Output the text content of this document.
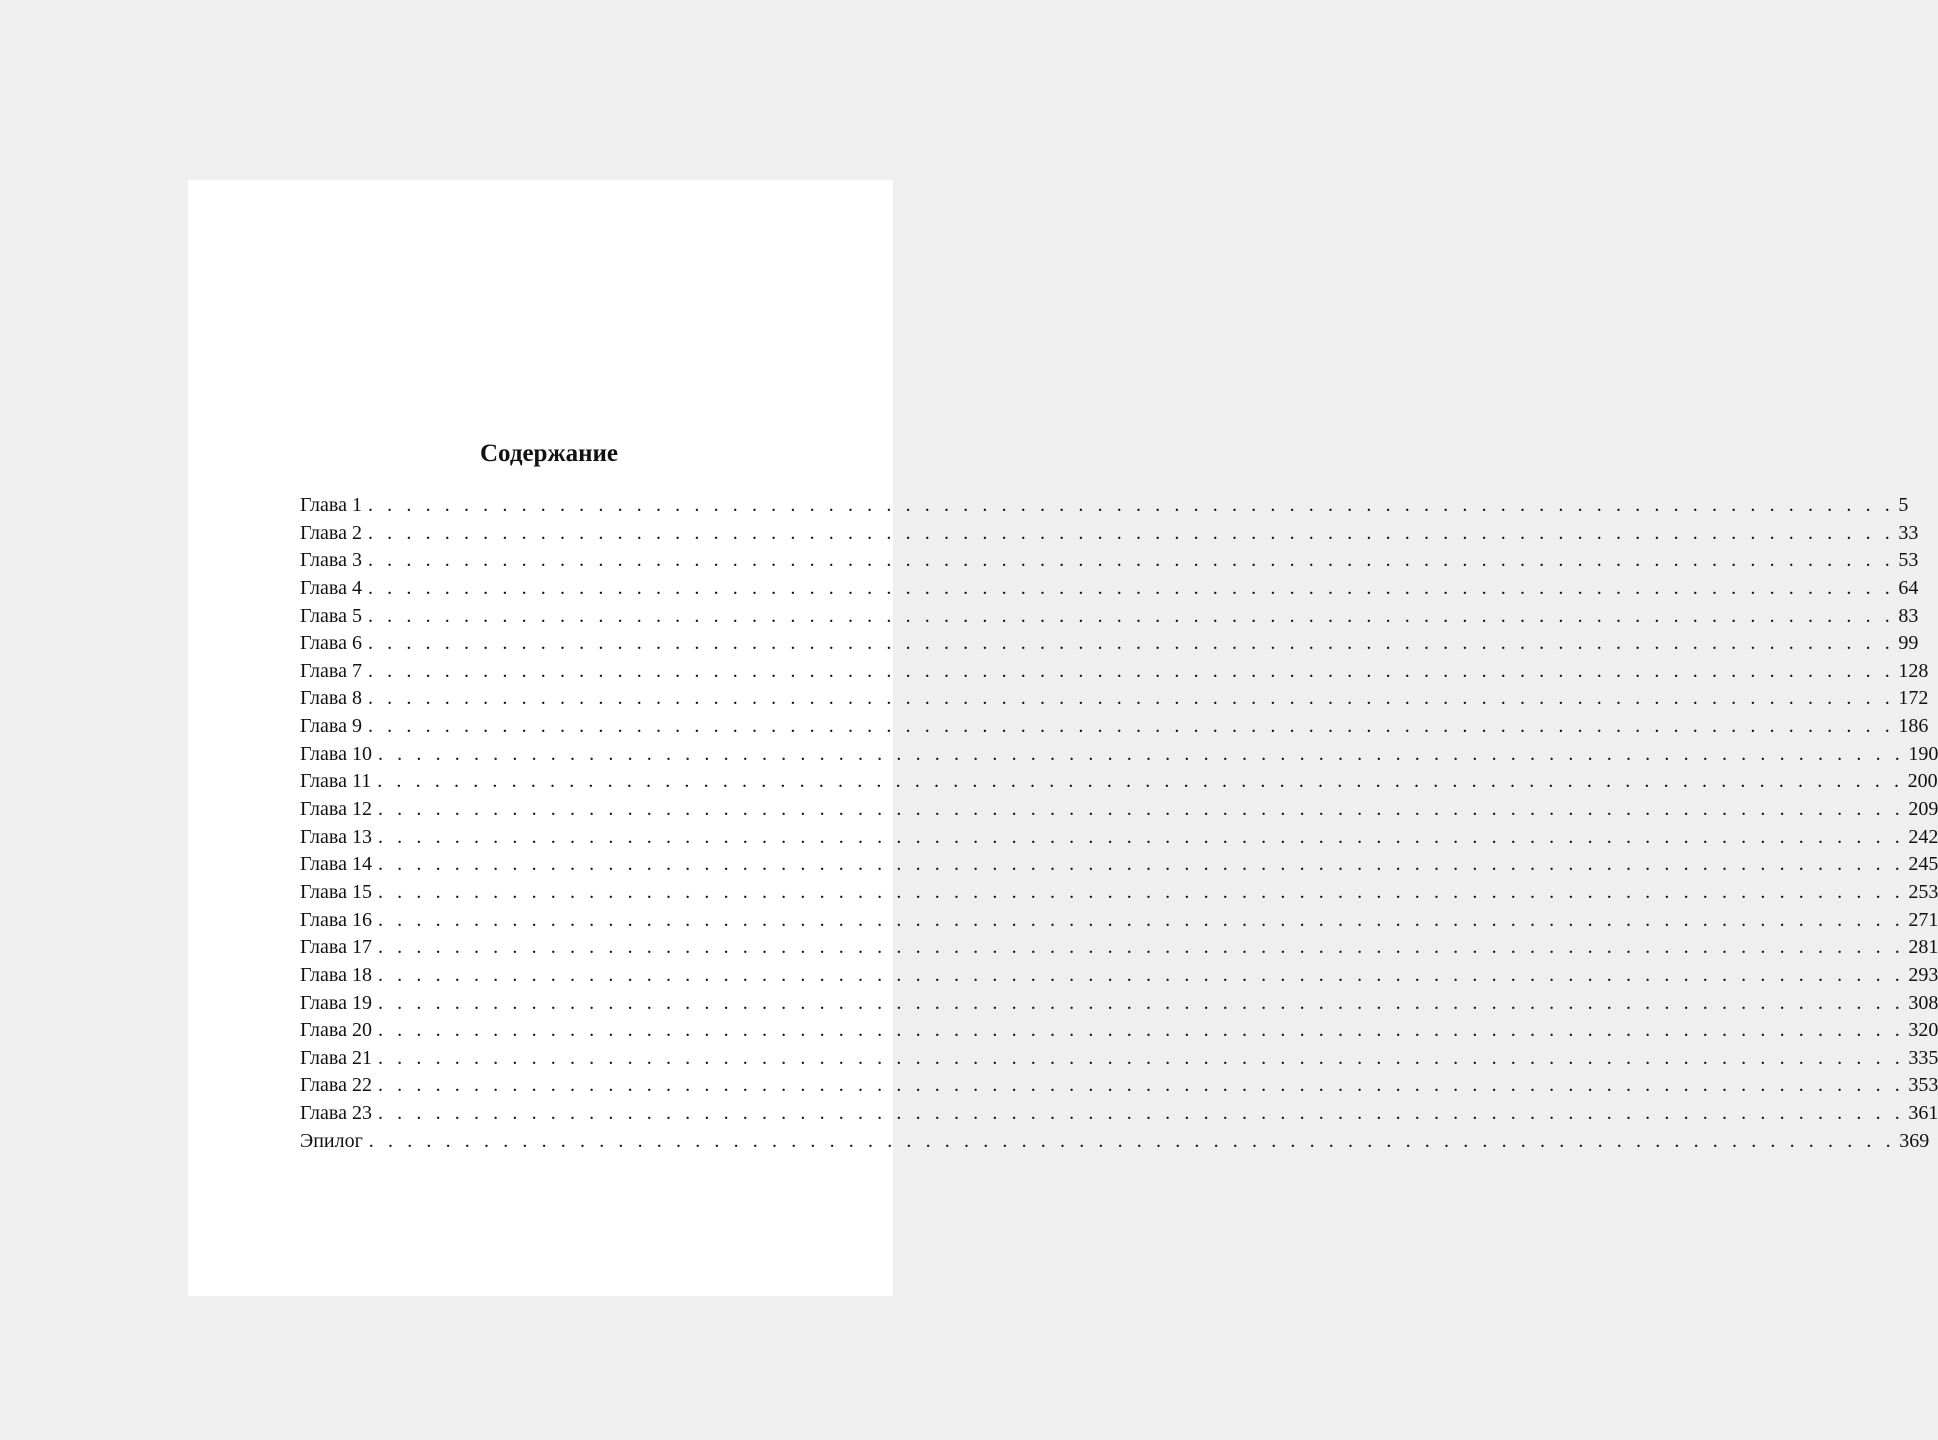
Содержание
Глава 1 . . . . . . . . . . . . . . . . . . . . . . . . . . . . . . . . . . . . . . . . . . . . . . . . . . . . . . . . . . . . . . . . . . . . . . . . . . . . . . . . 5
Глава 2 . . . . . . . . . . . . . . . . . . . . . . . . . . . . . . . . . . . . . . . . . . . . . . . . . . . . . . . . . . . . . . . . . . . . . . . . . . . . . . . . 33
Глава 3 . . . . . . . . . . . . . . . . . . . . . . . . . . . . . . . . . . . . . . . . . . . . . . . . . . . . . . . . . . . . . . . . . . . . . . . . . . . . . . . . 53
Глава 4 . . . . . . . . . . . . . . . . . . . . . . . . . . . . . . . . . . . . . . . . . . . . . . . . . . . . . . . . . . . . . . . . . . . . . . . . . . . . . . . . 64
Глава 5 . . . . . . . . . . . . . . . . . . . . . . . . . . . . . . . . . . . . . . . . . . . . . . . . . . . . . . . . . . . . . . . . . . . . . . . . . . . . . . . . 83
Глава 6 . . . . . . . . . . . . . . . . . . . . . . . . . . . . . . . . . . . . . . . . . . . . . . . . . . . . . . . . . . . . . . . . . . . . . . . . . . . . . . . . 99
Глава 7 . . . . . . . . . . . . . . . . . . . . . . . . . . . . . . . . . . . . . . . . . . . . . . . . . . . . . . . . . . . . . . . . . . . . . . . . . . . . . . . . 128
Глава 8 . . . . . . . . . . . . . . . . . . . . . . . . . . . . . . . . . . . . . . . . . . . . . . . . . . . . . . . . . . . . . . . . . . . . . . . . . . . . . . . . 172
Глава 9 . . . . . . . . . . . . . . . . . . . . . . . . . . . . . . . . . . . . . . . . . . . . . . . . . . . . . . . . . . . . . . . . . . . . . . . . . . . . . . . . 186
Глава 10 . . . . . . . . . . . . . . . . . . . . . . . . . . . . . . . . . . . . . . . . . . . . . . . . . . . . . . . . . . . . . . . . . . . . . . . . . . . . . . . . 190
Глава 11 . . . . . . . . . . . . . . . . . . . . . . . . . . . . . . . . . . . . . . . . . . . . . . . . . . . . . . . . . . . . . . . . . . . . . . . . . . . . . . . . 200
Глава 12 . . . . . . . . . . . . . . . . . . . . . . . . . . . . . . . . . . . . . . . . . . . . . . . . . . . . . . . . . . . . . . . . . . . . . . . . . . . . . . . . 209
Глава 13 . . . . . . . . . . . . . . . . . . . . . . . . . . . . . . . . . . . . . . . . . . . . . . . . . . . . . . . . . . . . . . . . . . . . . . . . . . . . . . . . 242
Глава 14 . . . . . . . . . . . . . . . . . . . . . . . . . . . . . . . . . . . . . . . . . . . . . . . . . . . . . . . . . . . . . . . . . . . . . . . . . . . . . . . . 245
Глава 15 . . . . . . . . . . . . . . . . . . . . . . . . . . . . . . . . . . . . . . . . . . . . . . . . . . . . . . . . . . . . . . . . . . . . . . . . . . . . . . . . 253
Глава 16 . . . . . . . . . . . . . . . . . . . . . . . . . . . . . . . . . . . . . . . . . . . . . . . . . . . . . . . . . . . . . . . . . . . . . . . . . . . . . . . . 271
Глава 17 . . . . . . . . . . . . . . . . . . . . . . . . . . . . . . . . . . . . . . . . . . . . . . . . . . . . . . . . . . . . . . . . . . . . . . . . . . . . . . . . 281
Глава 18 . . . . . . . . . . . . . . . . . . . . . . . . . . . . . . . . . . . . . . . . . . . . . . . . . . . . . . . . . . . . . . . . . . . . . . . . . . . . . . . . 293
Глава 19 . . . . . . . . . . . . . . . . . . . . . . . . . . . . . . . . . . . . . . . . . . . . . . . . . . . . . . . . . . . . . . . . . . . . . . . . . . . . . . . . 308
Глава 20 . . . . . . . . . . . . . . . . . . . . . . . . . . . . . . . . . . . . . . . . . . . . . . . . . . . . . . . . . . . . . . . . . . . . . . . . . . . . . . . . 320
Глава 21 . . . . . . . . . . . . . . . . . . . . . . . . . . . . . . . . . . . . . . . . . . . . . . . . . . . . . . . . . . . . . . . . . . . . . . . . . . . . . . . . 335
Глава 22 . . . . . . . . . . . . . . . . . . . . . . . . . . . . . . . . . . . . . . . . . . . . . . . . . . . . . . . . . . . . . . . . . . . . . . . . . . . . . . . . 353
Глава 23 . . . . . . . . . . . . . . . . . . . . . . . . . . . . . . . . . . . . . . . . . . . . . . . . . . . . . . . . . . . . . . . . . . . . . . . . . . . . . . . . 361
Эпилог . . . . . . . . . . . . . . . . . . . . . . . . . . . . . . . . . . . . . . . . . . . . . . . . . . . . . . . . . . . . . . . . . . . . . . . . . . . . . . . . 369
